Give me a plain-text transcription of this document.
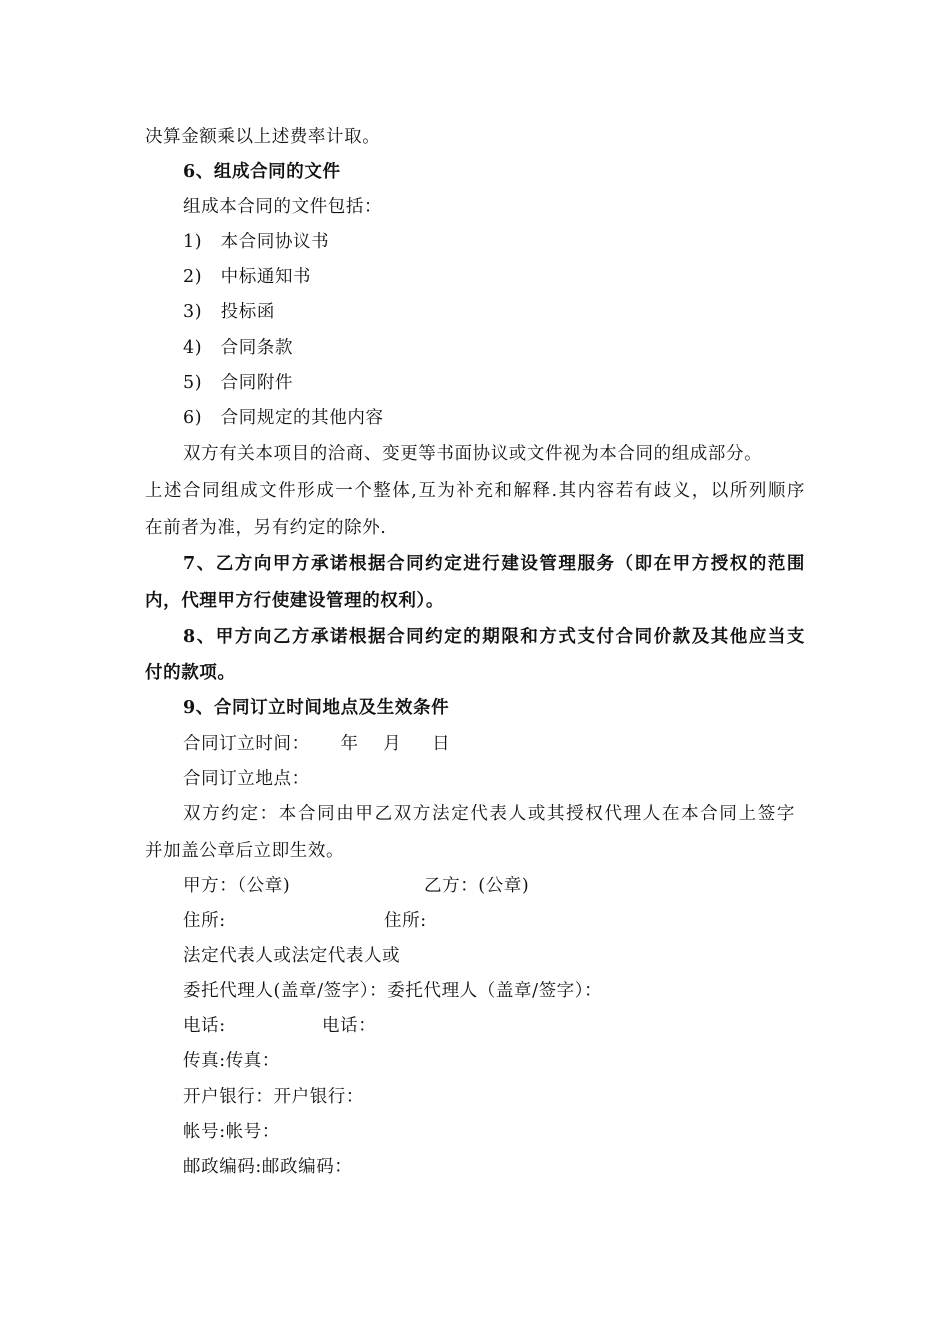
决算金额乘以上述费率计取。
6、组成合同的文件
组成本合同的文件包括：
1)   本合同协议书
2)   中标通知书
3)   投标函
4)   合同条款
5)   合同附件
6)   合同规定的其他内容
双方有关本项目的洽商、变更等书面协议或文件视为本合同的组成部分。
上述合同组成文件形成一个整体,互为补充和解释.其内容若有歧义，以所列顺序
在前者为准，另有约定的除外.
7、乙方向甲方承诺根据合同约定进行建设管理服务（即在甲方授权的范围
内，代理甲方行使建设管理的权利）。
8、甲方向乙方承诺根据合同约定的期限和方式支付合同价款及其他应当支
付的款项。
9、合同订立时间地点及生效条件
合同订立时间：     年    月     日
合同订立地点：
双方约定：本合同由甲乙双方法定代表人或其授权代理人在本合同上签字
并加盖公章后立即生效。
甲方：（公章)	乙方：(公章)
住所:	住所:
法定代表人或法定代表人或
委托代理人(盖章/签字）：委托代理人（盖章/签字）：
电话:	电话：
传真:传真：
开户银行：开户银行：
帐号:帐号：
邮政编码:邮政编码：
